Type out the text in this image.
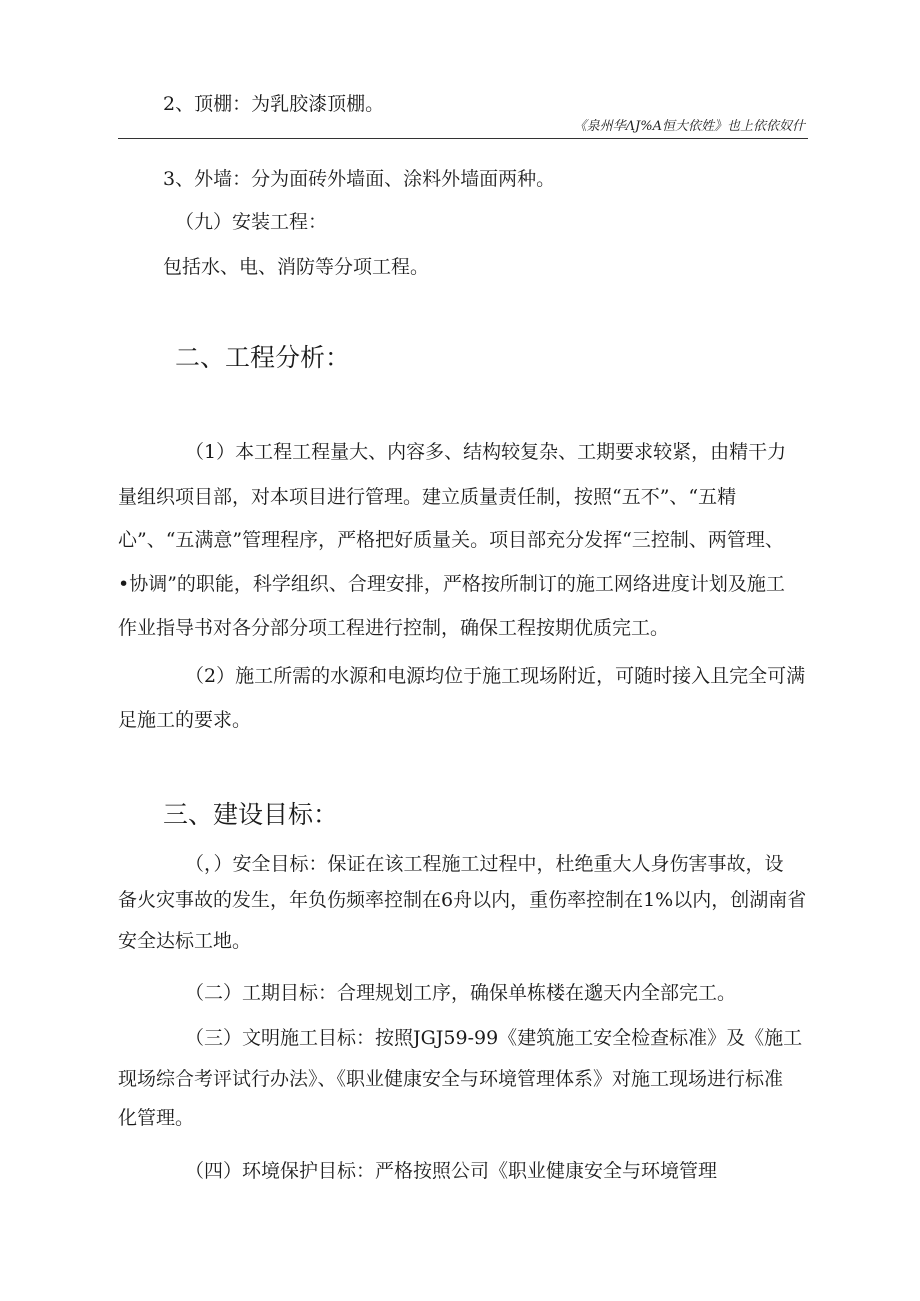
2、顶棚：为乳胶漆顶棚。
《泉州华ΛJ%A恒大依姓》也上依依奴什
3、外墙：分为面砖外墙面、涂料外墙面两种。
（九）安装工程：
包括水、电、消防等分项工程。
二、工程分析：
（1）本工程工程量大、内容多、结构较复杂、工期要求较紧，由精干力
量组织项目部，对本项目进行管理。建立质量责任制，按照“五不”、“五精
心”、“五满意”管理程序，严格把好质量关。项目部充分发挥“三控制、两管理、
•协调”的职能，科学组织、合理安排，严格按所制订的施工网络进度计划及施工
作业指导书对各分部分项工程进行控制，确保工程按期优质完工。
（2）施工所需的水源和电源均位于施工现场附近，可随时接入且完全可满
足施工的要求。
三、建设目标：
（，）安全目标：保证在该工程施工过程中，杜绝重大人身伤害事故，设
备火灾事故的发生，年负伤频率控制在6舟以内，重伤率控制在1%以内，创湖南省
安全达标工地。
（二）工期目标：合理规划工序，确保单栋楼在邈天内全部完工。
（三）文明施工目标：按照JGJ59-99《建筑施工安全检查标准》及《施工
现场综合考评试行办法》、《职业健康安全与环境管理体系》对施工现场进行标准
化管理。
（四）环境保护目标：严格按照公司《职业健康安全与环境管理
